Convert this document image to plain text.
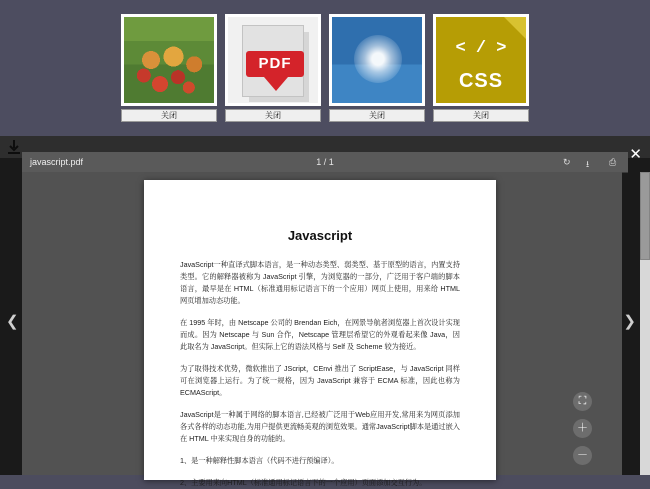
关闭
PDF
关闭	关闭
< / >
CSS
关闭
✕
javascript.pdf	1 / 1	↻	⭳	⎙
Javascript

JavaScript一种直译式脚本语言，是一种动态类型、弱类型、基于原型的语言，内置支持类型。它的解释器被称为 JavaScript 引擎，为浏览器的一部分，广泛用于客户端的脚本语言，最早是在 HTML（标准通用标记语言下的一个应用）网页上使用，用来给 HTML 网页增加动态功能。

在 1995 年时，由 Netscape 公司的 Brendan Eich，在网景导航者浏览器上首次设计实现而成。因为 Netscape 与 Sun 合作，Netscape 管理层希望它的外观看起来像 Java，因此取名为 JavaScript。但实际上它的语法风格与 Self 及 Scheme 较为接近。

为了取得技术优势，微软推出了 JScript，CEnvi 推出了 ScriptEase，与 JavaScript 同样可在浏览器上运行。为了统一规格，因为 JavaScript 兼容于 ECMA 标准，因此也称为 ECMAScript。

JavaScript是一种属于网络的脚本语言,已经被广泛用于Web应用开发,常用来为网页添加各式各样的动态功能,为用户提供更流畅美观的浏览效果。通常JavaScript脚本是通过嵌入在 HTML 中来实现自身的功能的。

1、是一种解释性脚本语言（代码不进行预编译）。

2、主要用来向HTML（标准通用标记语言下的一个应用）页面添加交互行为。

⛶
＋
－
❮	❯
